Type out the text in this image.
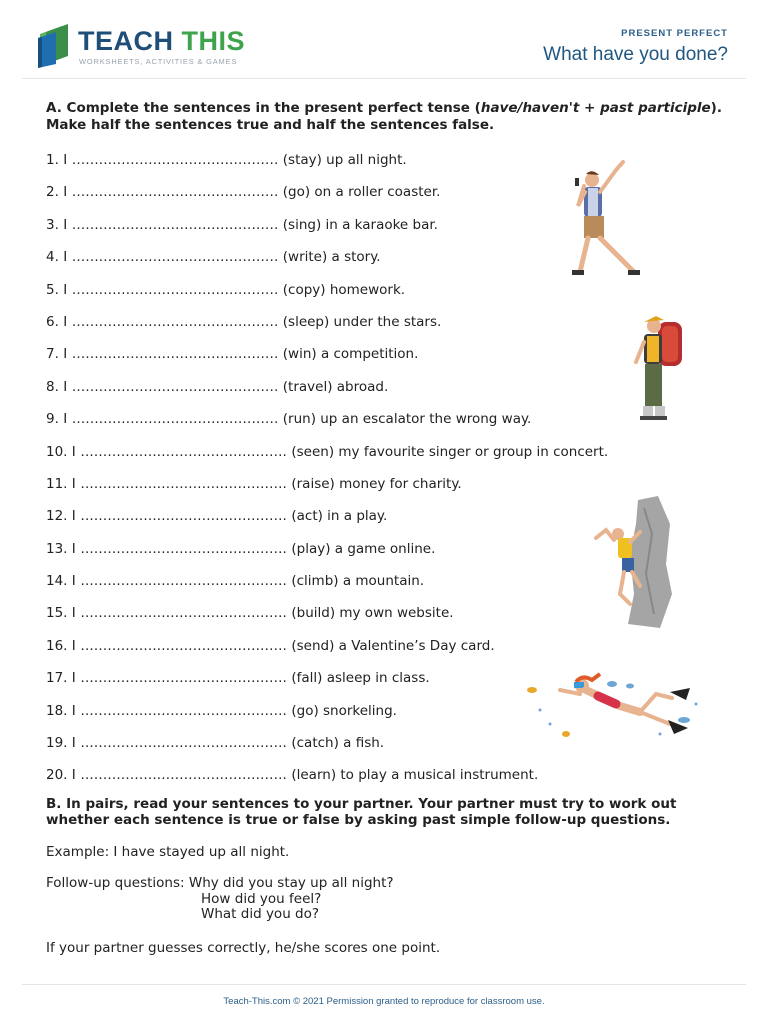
TEACH THIS
WORKSHEETS, ACTIVITIES & GAMES
PRESENT PERFECT
What have you done?

A. Complete the sentences in the present perfect tense (have/haven't + past participle). Make half the sentences true and half the sentences false.

1. I .............................................. (stay) up all night.
2. I .............................................. (go) on a roller coaster.
3. I .............................................. (sing) in a karaoke bar.
4. I .............................................. (write) a story.
5. I .............................................. (copy) homework.
6. I .............................................. (sleep) under the stars.
7. I .............................................. (win) a competition.
8. I .............................................. (travel) abroad.
9. I .............................................. (run) up an escalator the wrong way.
10. I .............................................. (seen) my favourite singer or group in concert.
11. I .............................................. (raise) money for charity.
12. I .............................................. (act) in a play.
13. I .............................................. (play) a game online.
14. I .............................................. (climb) a mountain.
15. I .............................................. (build) my own website.
16. I .............................................. (send) a Valentine’s Day card.
17. I .............................................. (fall) asleep in class.
18. I .............................................. (go) snorkeling.
19. I .............................................. (catch) a fish.
20. I .............................................. (learn) to play a musical instrument.

B. In pairs, read your sentences to your partner. Your partner must try to work out whether each sentence is true or false by asking past simple follow-up questions.

Example: I have stayed up all night.
Follow-up questions: Why did you stay up all night?
How did you feel?
What did you do?
If your partner guesses correctly, he/she scores one point.
Teach-This.com © 2021 Permission granted to reproduce for classroom use.
